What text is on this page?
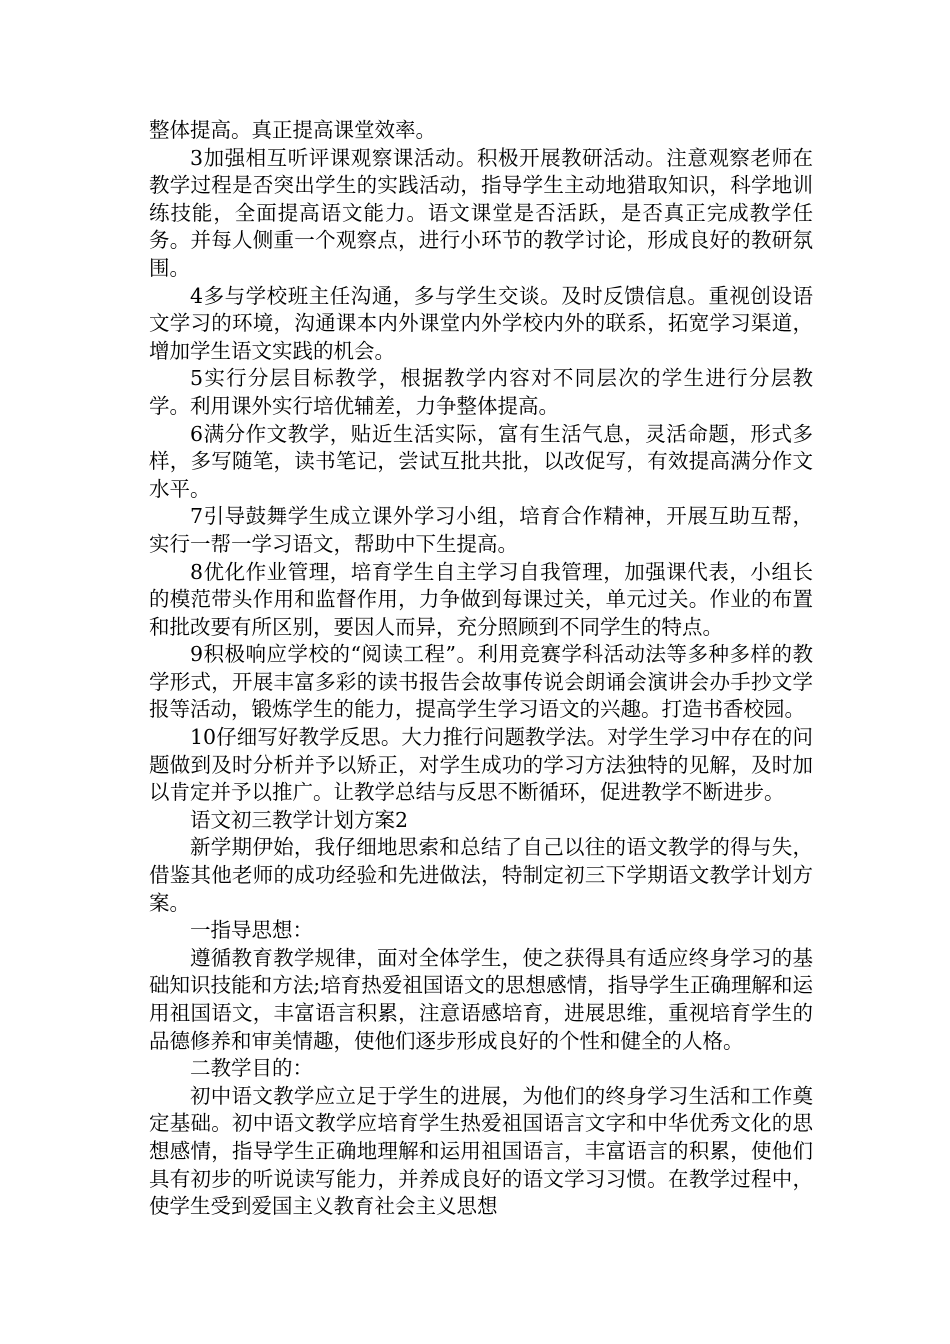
整体提高。真正提高课堂效率。

3加强相互听评课观察课活动。积极开展教研活动。注意观察老师在教学过程是否突出学生的实践活动，指导学生主动地猎取知识，科学地训练技能，全面提高语文能力。语文课堂是否活跃，是否真正完成教学任务。并每人侧重一个观察点，进行小环节的教学讨论，形成良好的教研氛围。

4多与学校班主任沟通，多与学生交谈。及时反馈信息。重视创设语文学习的环境，沟通课本内外课堂内外学校内外的联系，拓宽学习渠道，增加学生语文实践的机会。

5实行分层目标教学，根据教学内容对不同层次的学生进行分层教学。利用课外实行培优辅差，力争整体提高。

6满分作文教学，贴近生活实际，富有生活气息，灵活命题，形式多样，多写随笔，读书笔记，尝试互批共批，以改促写，有效提高满分作文水平。

7引导鼓舞学生成立课外学习小组，培育合作精神，开展互助互帮，实行一帮一学习语文，帮助中下生提高。

8优化作业管理，培育学生自主学习自我管理，加强课代表，小组长的模范带头作用和监督作用，力争做到每课过关，单元过关。作业的布置和批改要有所区别，要因人而异，充分照顾到不同学生的特点。

9积极响应学校的“阅读工程”。利用竞赛学科活动法等多种多样的教学形式，开展丰富多彩的读书报告会故事传说会朗诵会演讲会办手抄文学报等活动，锻炼学生的能力，提高学生学习语文的兴趣。打造书香校园。

10仔细写好教学反思。大力推行问题教学法。对学生学习中存在的问题做到及时分析并予以矫正，对学生成功的学习方法独特的见解，及时加以肯定并予以推广。让教学总结与反思不断循环，促进教学不断进步。

语文初三教学计划方案2

新学期伊始，我仔细地思索和总结了自己以往的语文教学的得与失，借鉴其他老师的成功经验和先进做法，特制定初三下学期语文教学计划方案。

一指导思想：

遵循教育教学规律，面对全体学生，使之获得具有适应终身学习的基础知识技能和方法;培育热爱祖国语文的思想感情，指导学生正确理解和运用祖国语文，丰富语言积累，注意语感培育，进展思维，重视培育学生的品德修养和审美情趣，使他们逐步形成良好的个性和健全的人格。

二教学目的：

初中语文教学应立足于学生的进展，为他们的终身学习生活和工作奠定基础。初中语文教学应培育学生热爱祖国语言文字和中华优秀文化的思想感情，指导学生正确地理解和运用祖国语言，丰富语言的积累，使他们具有初步的听说读写能力，并养成良好的语文学习习惯。在教学过程中，使学生受到爱国主义教育社会主义思想
